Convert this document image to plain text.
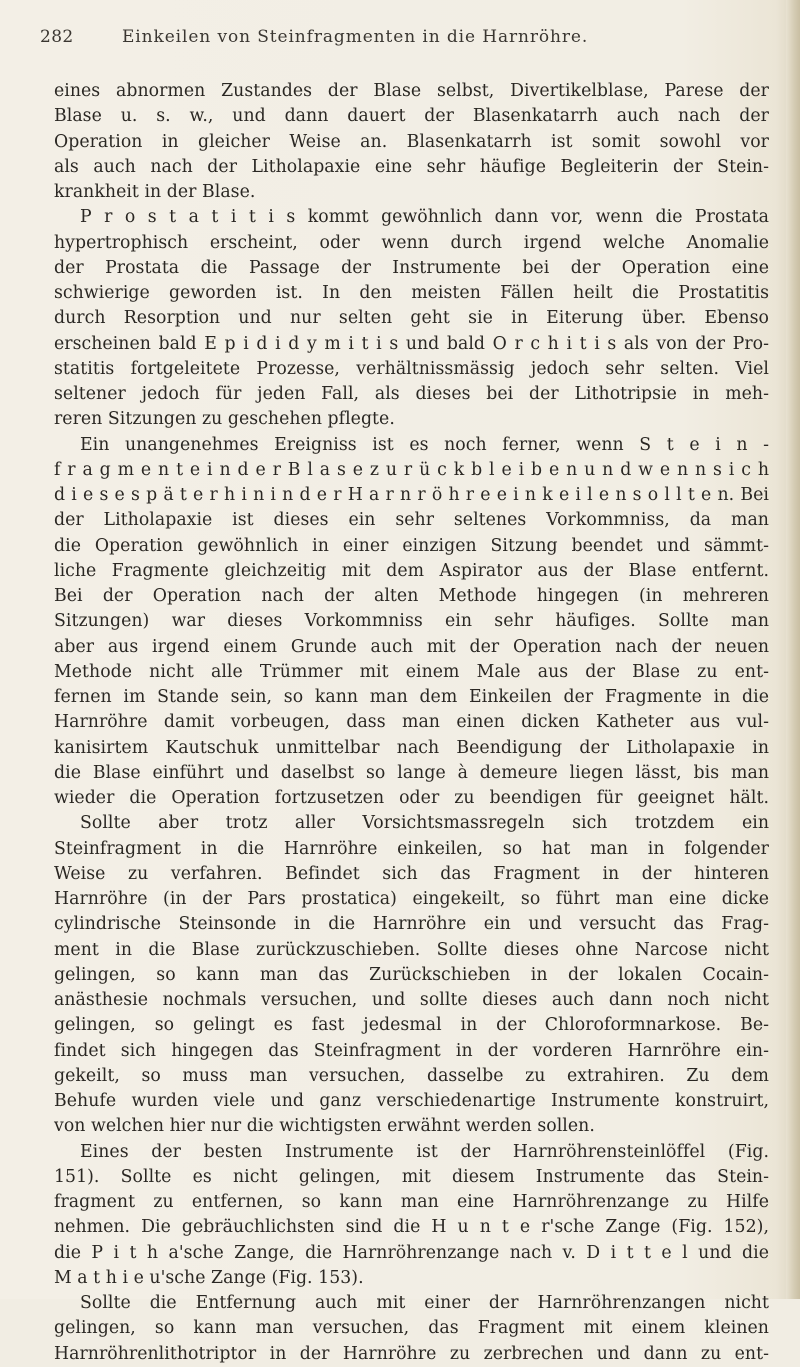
282	Einkeilen von Steinfragmenten in die Harnröhre.
eines abnormen Zustandes der Blase selbst, Divertikelblase, Parese der
Blase u. s. w., und dann dauert der Blasenkatarrh auch nach der
Operation in gleicher Weise an. Blasenkatarrh ist somit sowohl vor
als auch nach der Litholapaxie eine sehr häufige Begleiterin der Stein-
krankheit in der Blase.
P r o s t a t i t i s kommt gewöhnlich dann vor, wenn die Prostata
hypertrophisch erscheint, oder wenn durch irgend welche Anomalie
der Prostata die Passage der Instrumente bei der Operation eine
schwierige geworden ist. In den meisten Fällen heilt die Prostatitis
durch Resorption und nur selten geht sie in Eiterung über. Ebenso
erscheinen bald E p i d i d y m i t i s und bald O r c h i t i s als von der Pro-
statitis fortgeleitete Prozesse, verhältnissmässig jedoch sehr selten. Viel
seltener jedoch für jeden Fall, als dieses bei der Lithotripsie in meh-
reren Sitzungen zu geschehen pflegte.
Ein unangenehmes Ereigniss ist es noch ferner, wenn S t e i n -
f r a g m e n t e i n d e r B l a s e z u r ü c k b l e i b e n u n d w e n n s i c h
d i e s e s p ä t e r h i n i n d e r H a r n r ö h r e e i n k e i l e n s o l l t e n. Bei
der Litholapaxie ist dieses ein sehr seltenes Vorkommniss, da man
die Operation gewöhnlich in einer einzigen Sitzung beendet und sämmt-
liche Fragmente gleichzeitig mit dem Aspirator aus der Blase entfernt.
Bei der Operation nach der alten Methode hingegen (in mehreren
Sitzungen) war dieses Vorkommniss ein sehr häufiges. Sollte man
aber aus irgend einem Grunde auch mit der Operation nach der neuen
Methode nicht alle Trümmer mit einem Male aus der Blase zu ent-
fernen im Stande sein, so kann man dem Einkeilen der Fragmente in die
Harnröhre damit vorbeugen, dass man einen dicken Katheter aus vul-
kanisirtem Kautschuk unmittelbar nach Beendigung der Litholapaxie in
die Blase einführt und daselbst so lange à demeure liegen lässt, bis man
wieder die Operation fortzusetzen oder zu beendigen für geeignet hält.
Sollte aber trotz aller Vorsichtsmassregeln sich trotzdem ein
Steinfragment in die Harnröhre einkeilen, so hat man in folgender
Weise zu verfahren. Befindet sich das Fragment in der hinteren
Harnröhre (in der Pars prostatica) eingekeilt, so führt man eine dicke
cylindrische Steinsonde in die Harnröhre ein und versucht das Frag-
ment in die Blase zurückzuschieben. Sollte dieses ohne Narcose nicht
gelingen, so kann man das Zurückschieben in der lokalen Cocain-
anästhesie nochmals versuchen, und sollte dieses auch dann noch nicht
gelingen, so gelingt es fast jedesmal in der Chloroformnarkose. Be-
findet sich hingegen das Steinfragment in der vorderen Harnröhre ein-
gekeilt, so muss man versuchen, dasselbe zu extrahiren. Zu dem
Behufe wurden viele und ganz verschiedenartige Instrumente konstruirt,
von welchen hier nur die wichtigsten erwähnt werden sollen.
Eines der besten Instrumente ist der Harnröhrensteinlöffel (Fig.
151). Sollte es nicht gelingen, mit diesem Instrumente das Stein-
fragment zu entfernen, so kann man eine Harnröhrenzange zu Hilfe
nehmen. Die gebräuchlichsten sind die H u n t e r'sche Zange (Fig. 152),
die P i t h a'sche Zange, die Harnröhrenzange nach v. D i t t e l und die
M a t h i e u'sche Zange (Fig. 153).
Sollte die Entfernung auch mit einer der Harnröhrenzangen nicht
gelingen, so kann man versuchen, das Fragment mit einem kleinen
Harnröhrenlithotriptor in der Harnröhre zu zerbrechen und dann zu ent-
